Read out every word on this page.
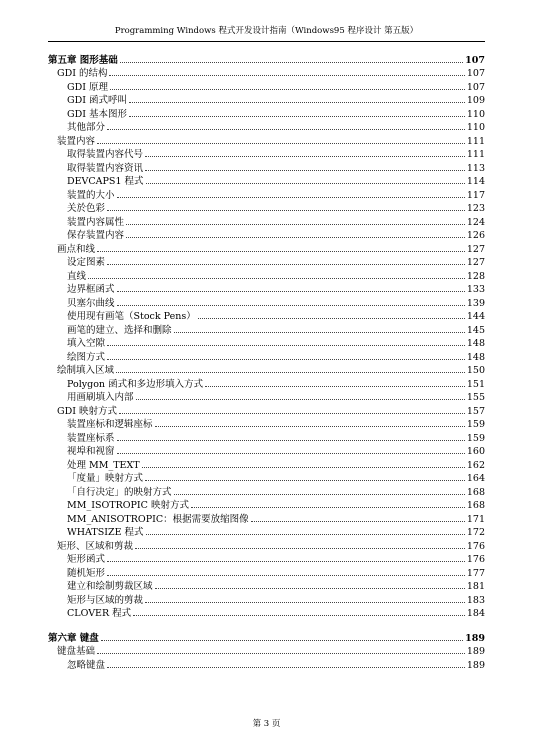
Programming Windows 程式开发设计指南（Windows95 程序设计 第五版）
第五章 图形基础	107
GDI 的结构	107
GDI 原理	107
GDI 函式呼叫	109
GDI 基本图形	110
其他部分	110
装置内容	111
取得装置内容代号	111
取得装置内容资讯	113
DEVCAPS1 程式	114
装置的大小	117
关於色彩	123
装置内容属性	124
保存装置内容	126
画点和线	127
设定图素	127
直线	128
边界框函式	133
贝塞尔曲线	139
使用现有画笔（Stock Pens）	144
画笔的建立、选择和删除	145
填入空隙	148
绘图方式	148
绘制填入区域	150
Polygon 函式和多边形填入方式	151
用画刷填入内部	155
GDI 映射方式	157
装置座标和逻辑座标	159
装置座标系	159
视埠和视窗	160
处理 MM_TEXT	162
「度量」映射方式	164
「自行决定」的映射方式	168
MM_ISOTROPIC 映射方式	168
MM_ANISOTROPIC：根据需要放缩图像	171
WHATSIZE 程式	172
矩形、区域和剪裁	176
矩形函式	176
随机矩形	177
建立和绘制剪裁区域	181
矩形与区域的剪裁	183
CLOVER 程式	184
第六章 键盘	189
键盘基础	189
忽略键盘	189
第 3 页
